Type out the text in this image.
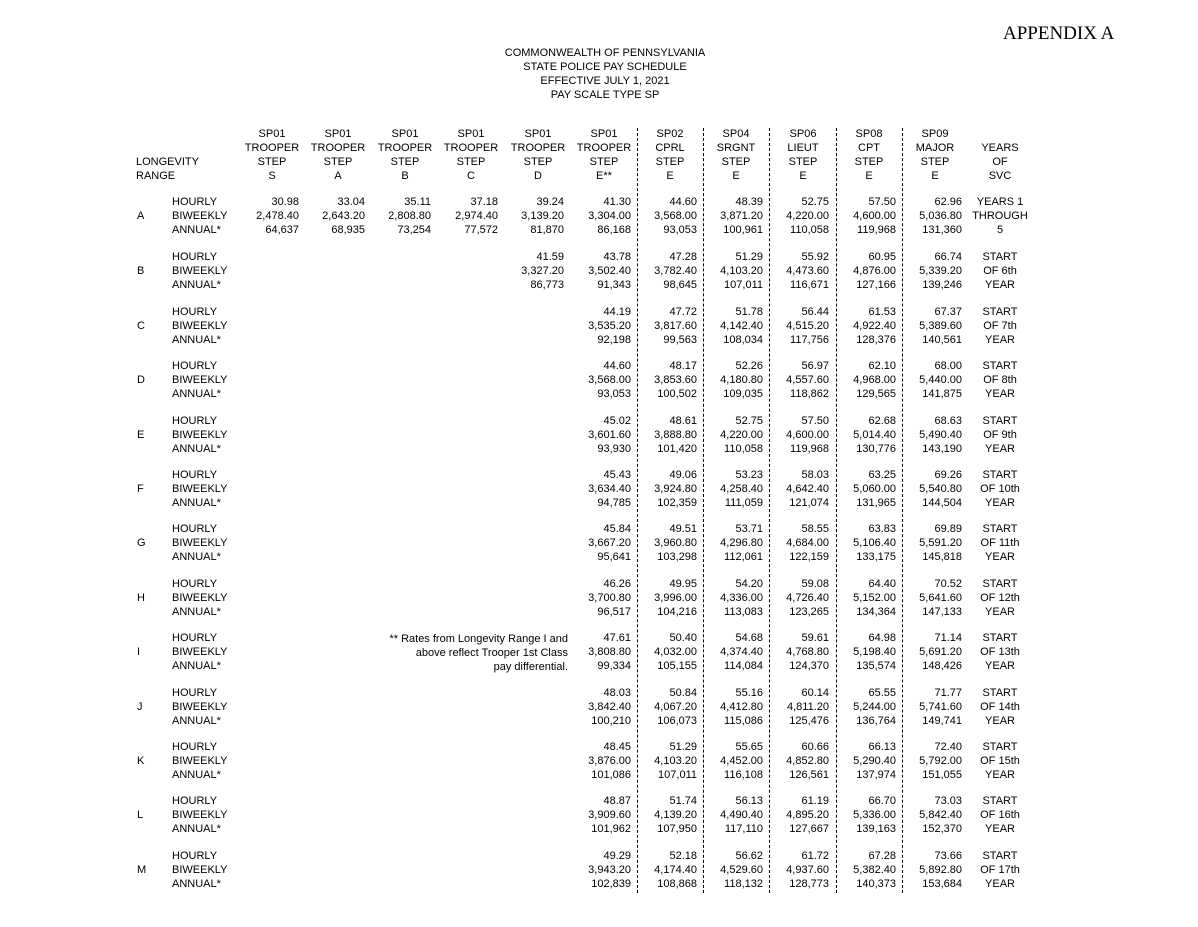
APPENDIX A
COMMONWEALTH OF PENNSYLVANIA
STATE POLICE PAY SCHEDULE
EFFECTIVE JULY 1, 2021
PAY SCALE TYPE SP
LONGEVITY
RANGE
SP01
TROOPER
STEP
S
SP01
TROOPER
STEP
A
SP01
TROOPER
STEP
B
SP01
TROOPER
STEP
C
SP01
TROOPER
STEP
D
SP01
TROOPER
STEP
E**
SP02
CPRL
STEP
E
SP04
SRGNT
STEP
E
SP06
LIEUT
STEP
E
SP08
CPT
STEP
E
SP09
MAJOR
STEP
E
YEARS
OF
SVC
A
HOURLY
BIWEEKLY
ANNUAL*
30.98
2,478.40
64,637
33.04
2,643.20
68,935
35.11
2,808.80
73,254
37.18
2,974.40
77,572
39.24
3,139.20
81,870
41.30
3,304.00
86,168
44.60
3,568.00
93,053
48.39
3,871.20
100,961
52.75
4,220.00
110,058
57.50
4,600.00
119,968
62.96
5,036.80
131,360
YEARS 1
THROUGH
5
B
HOURLY
BIWEEKLY
ANNUAL*
41.59
3,327.20
86,773
43.78
3,502.40
91,343
47.28
3,782.40
98,645
51.29
4,103.20
107,011
55.92
4,473.60
116,671
60.95
4,876.00
127,166
66.74
5,339.20
139,246
START
OF 6th
YEAR
C
HOURLY
BIWEEKLY
ANNUAL*
44.19
3,535.20
92,198
47.72
3,817.60
99,563
51.78
4,142.40
108,034
56.44
4,515.20
117,756
61.53
4,922.40
128,376
67.37
5,389.60
140,561
START
OF 7th
YEAR
D
HOURLY
BIWEEKLY
ANNUAL*
44.60
3,568.00
93,053
48.17
3,853.60
100,502
52.26
4,180.80
109,035
56.97
4,557.60
118,862
62.10
4,968.00
129,565
68.00
5,440.00
141,875
START
OF 8th
YEAR
E
HOURLY
BIWEEKLY
ANNUAL*
45.02
3,601.60
93,930
48.61
3,888.80
101,420
52.75
4,220.00
110,058
57.50
4,600.00
119,968
62.68
5,014.40
130,776
68.63
5,490.40
143,190
START
OF 9th
YEAR
F
HOURLY
BIWEEKLY
ANNUAL*
45.43
3,634.40
94,785
49.06
3,924.80
102,359
53.23
4,258.40
111,059
58.03
4,642.40
121,074
63.25
5,060.00
131,965
69.26
5,540.80
144,504
START
OF 10th
YEAR
G
HOURLY
BIWEEKLY
ANNUAL*
45.84
3,667.20
95,641
49.51
3,960.80
103,298
53.71
4,296.80
112,061
58.55
4,684.00
122,159
63.83
5,106.40
133,175
69.89
5,591.20
145,818
START
OF 11th
YEAR
H
HOURLY
BIWEEKLY
ANNUAL*
46.26
3,700.80
96,517
49.95
3,996.00
104,216
54.20
4,336.00
113,083
59.08
4,726.40
123,265
64.40
5,152.00
134,364
70.52
5,641.60
147,133
START
OF 12th
YEAR
I
HOURLY
BIWEEKLY
ANNUAL*
47.61
3,808.80
99,334
50.40
4,032.00
105,155
54.68
4,374.40
114,084
59.61
4,768.80
124,370
64.98
5,198.40
135,574
71.14
5,691.20
148,426
START
OF 13th
YEAR
J
HOURLY
BIWEEKLY
ANNUAL*
48.03
3,842.40
100,210
50.84
4,067.20
106,073
55.16
4,412.80
115,086
60.14
4,811.20
125,476
65.55
5,244.00
136,764
71.77
5,741.60
149,741
START
OF 14th
YEAR
K
HOURLY
BIWEEKLY
ANNUAL*
48.45
3,876.00
101,086
51.29
4,103.20
107,011
55.65
4,452.00
116,108
60.66
4,852.80
126,561
66.13
5,290.40
137,974
72.40
5,792.00
151,055
START
OF 15th
YEAR
L
HOURLY
BIWEEKLY
ANNUAL*
48.87
3,909.60
101,962
51.74
4,139.20
107,950
56.13
4,490.40
117,110
61.19
4,895.20
127,667
66.70
5,336.00
139,163
73.03
5,842.40
152,370
START
OF 16th
YEAR
M
HOURLY
BIWEEKLY
ANNUAL*
49.29
3,943.20
102,839
52.18
4,174.40
108,868
56.62
4,529.60
118,132
61.72
4,937.60
128,773
67.28
5,382.40
140,373
73.66
5,892.80
153,684
START
OF 17th
YEAR
** Rates from Longevity Range I and
above reflect Trooper 1st Class
pay differential.
